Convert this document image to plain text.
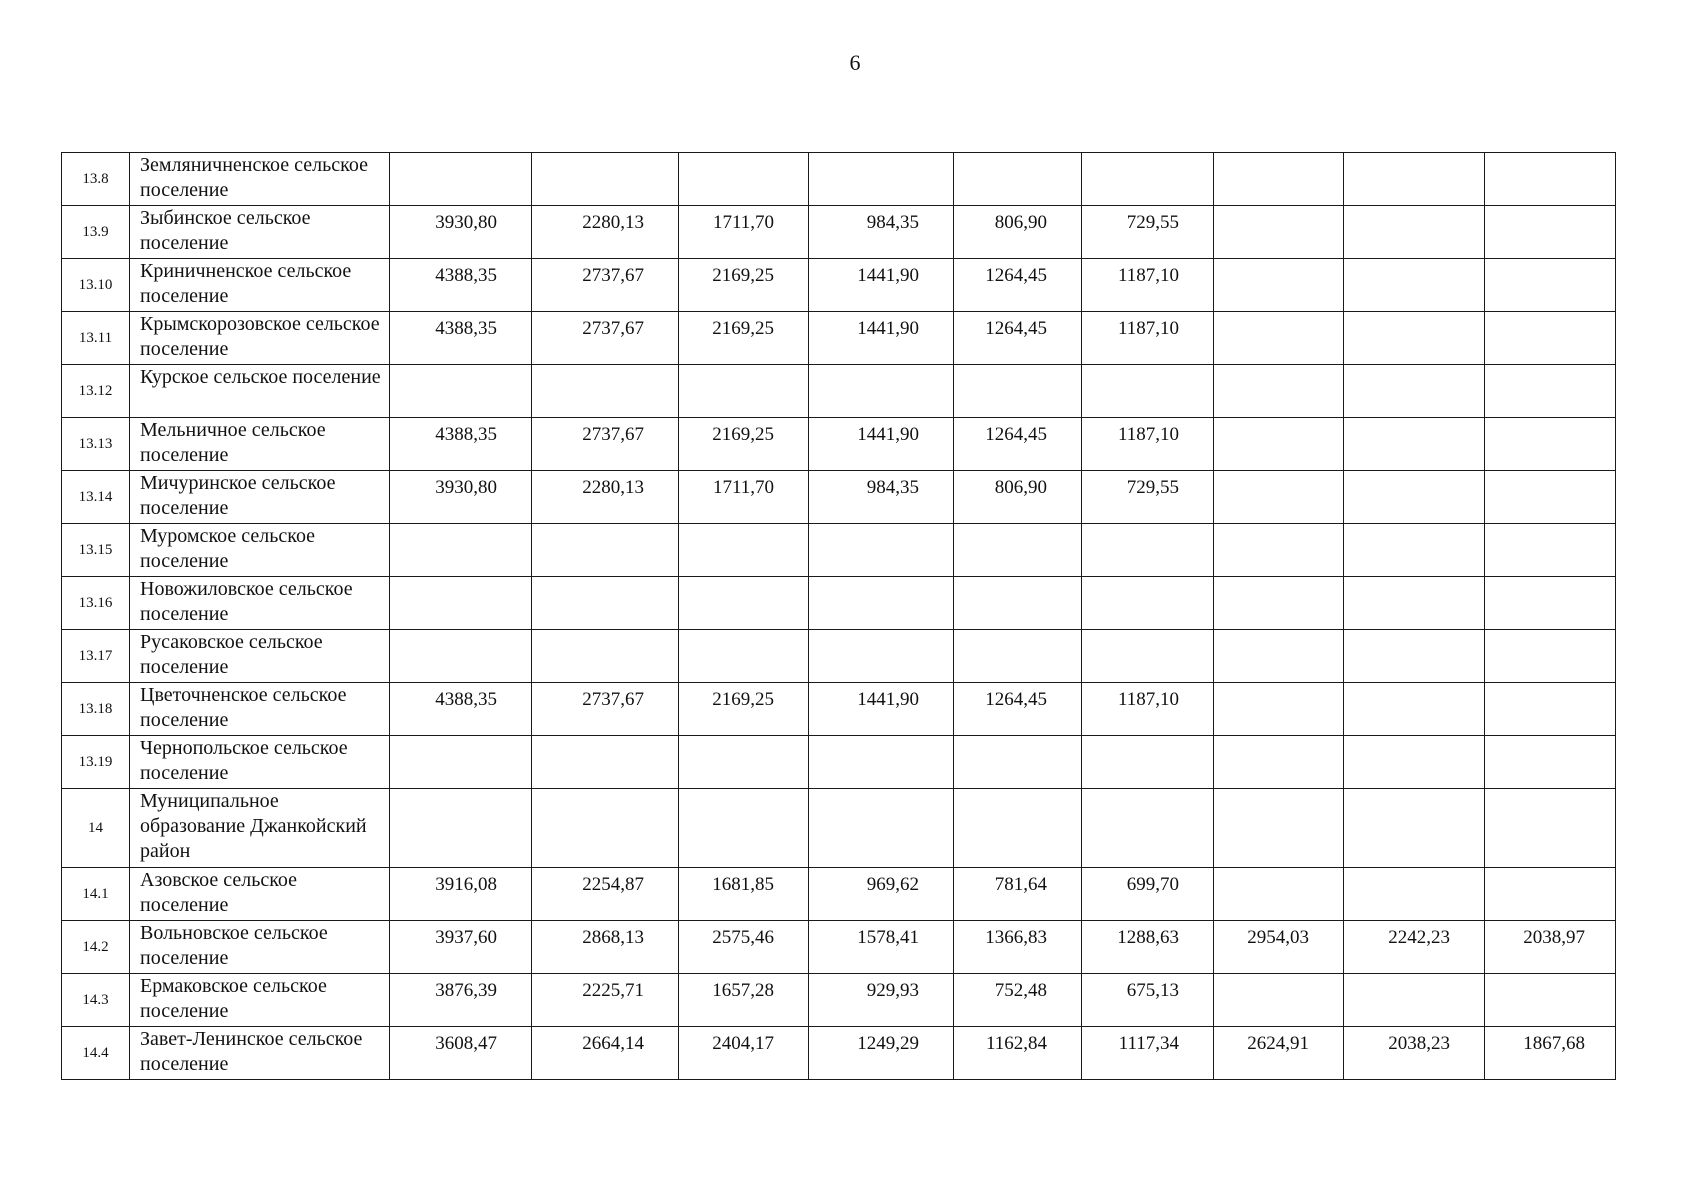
6
13.8	Земляничненское сельское поселение									
13.9	Зыбинское сельское поселение	3930,80	2280,13	1711,70	984,35	806,90	729,55			
13.10	Криничненское сельское поселение	4388,35	2737,67	2169,25	1441,90	1264,45	1187,10			
13.11	Крымскорозовское сельское поселение	4388,35	2737,67	2169,25	1441,90	1264,45	1187,10			
13.12	Курское сельское поселение									
13.13	Мельничное сельское поселение	4388,35	2737,67	2169,25	1441,90	1264,45	1187,10			
13.14	Мичуринское сельское поселение	3930,80	2280,13	1711,70	984,35	806,90	729,55			
13.15	Муромское сельское поселение									
13.16	Новожиловское сельское поселение									
13.17	Русаковское сельское поселение									
13.18	Цветочненское сельское поселение	4388,35	2737,67	2169,25	1441,90	1264,45	1187,10			
13.19	Чернопольское сельское поселение									
14	Муниципальное образование Джанкойский район									
14.1	Азовское сельское поселение	3916,08	2254,87	1681,85	969,62	781,64	699,70			
14.2	Вольновское сельское поселение	3937,60	2868,13	2575,46	1578,41	1366,83	1288,63	2954,03	2242,23	2038,97
14.3	Ермаковское сельское поселение	3876,39	2225,71	1657,28	929,93	752,48	675,13			
14.4	Завет-Ленинское сельское поселение	3608,47	2664,14	2404,17	1249,29	1162,84	1117,34	2624,91	2038,23	1867,68
